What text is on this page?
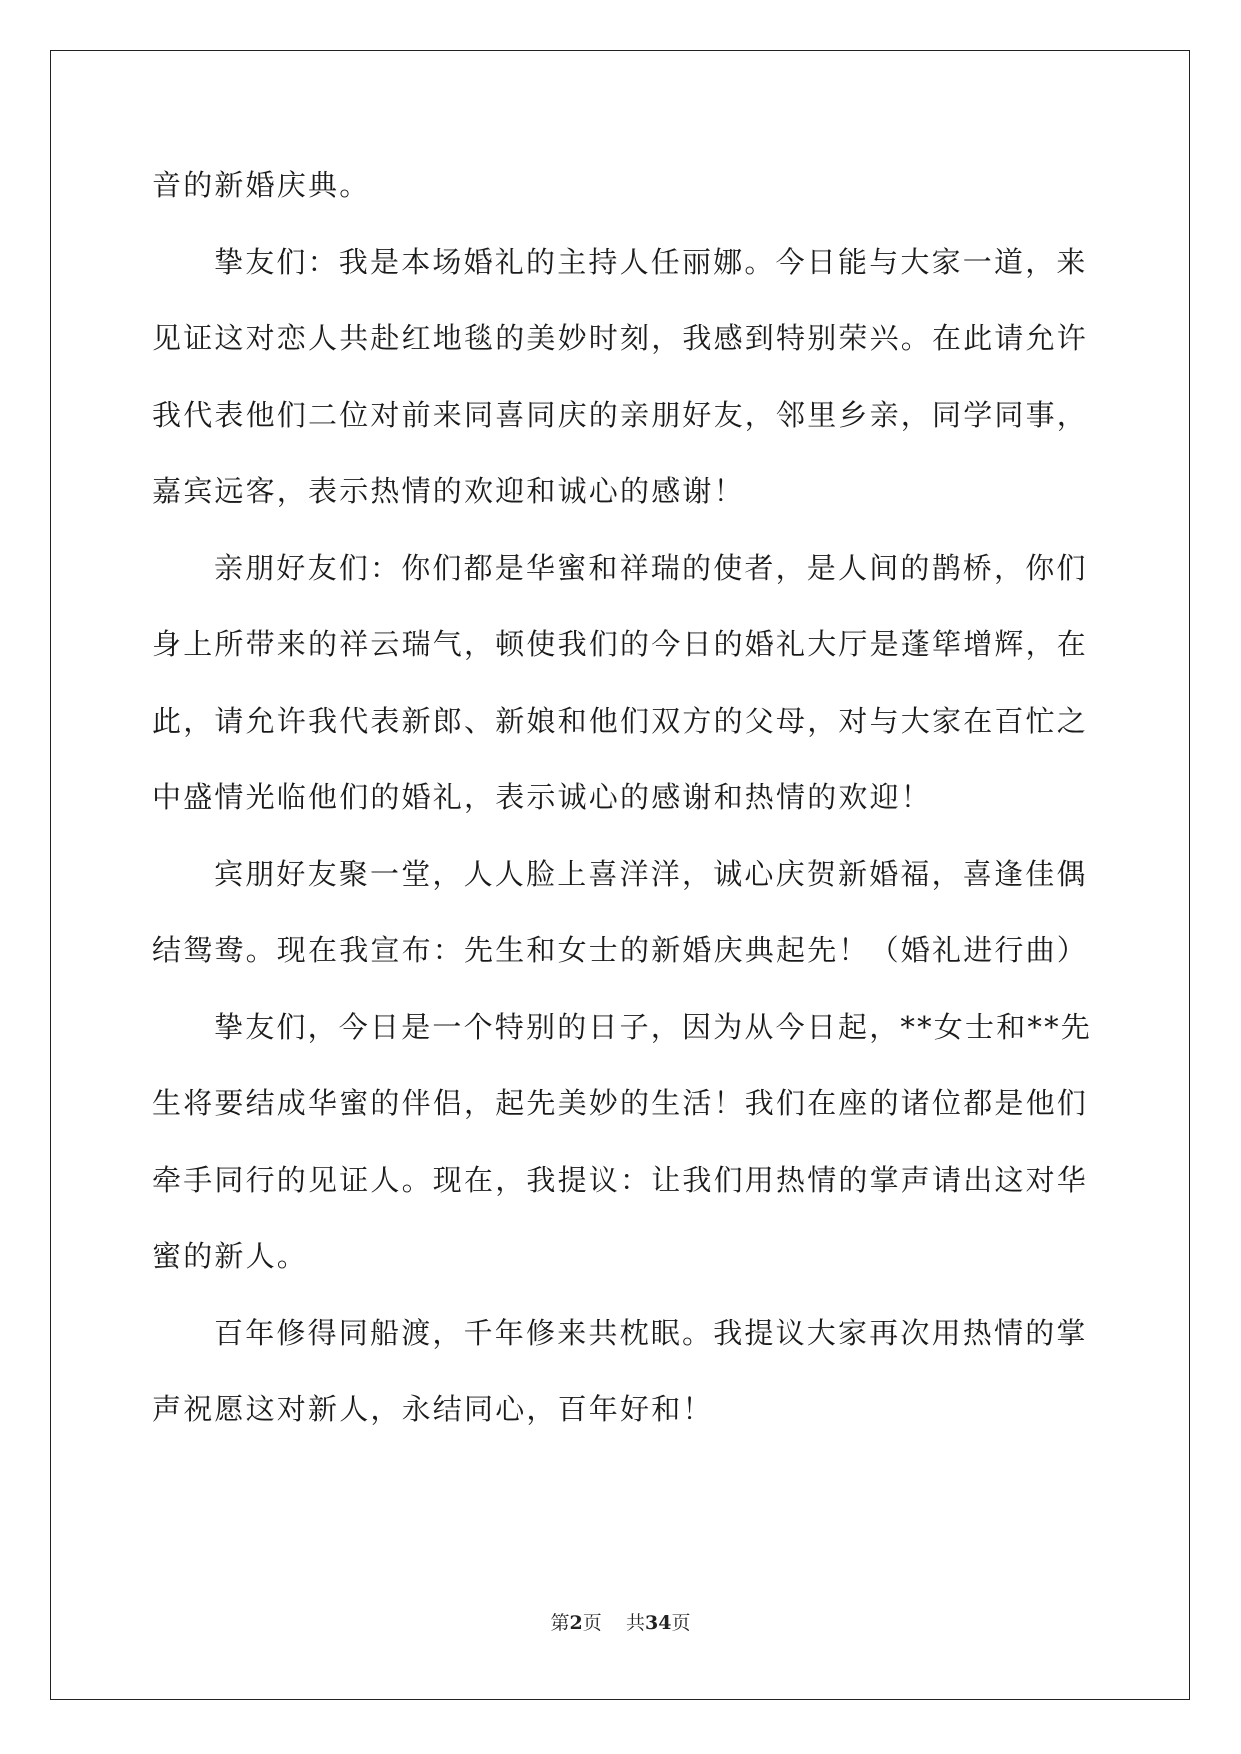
音的新婚庆典。

挚友们：我是本场婚礼的主持人任丽娜。今日能与大家一道，来

见证这对恋人共赴红地毯的美妙时刻，我感到特别荣兴。在此请允许

我代表他们二位对前来同喜同庆的亲朋好友，邻里乡亲，同学同事，

嘉宾远客，表示热情的欢迎和诚心的感谢！

亲朋好友们：你们都是华蜜和祥瑞的使者，是人间的鹊桥，你们

身上所带来的祥云瑞气，顿使我们的今日的婚礼大厅是蓬筚增辉，在

此，请允许我代表新郎、新娘和他们双方的父母，对与大家在百忙之

中盛情光临他们的婚礼，表示诚心的感谢和热情的欢迎！

宾朋好友聚一堂，人人脸上喜洋洋，诚心庆贺新婚福，喜逢佳偶

结鸳鸯。现在我宣布：先生和女士的新婚庆典起先！（婚礼进行曲）

挚友们，今日是一个特别的日子，因为从今日起，**女士和**先

生将要结成华蜜的伴侣，起先美妙的生活！我们在座的诸位都是他们

牵手同行的见证人。现在，我提议：让我们用热情的掌声请出这对华

蜜的新人。

百年修得同船渡，千年修来共枕眠。我提议大家再次用热情的掌

声祝愿这对新人，永结同心，百年好和！

第2页 共34页
